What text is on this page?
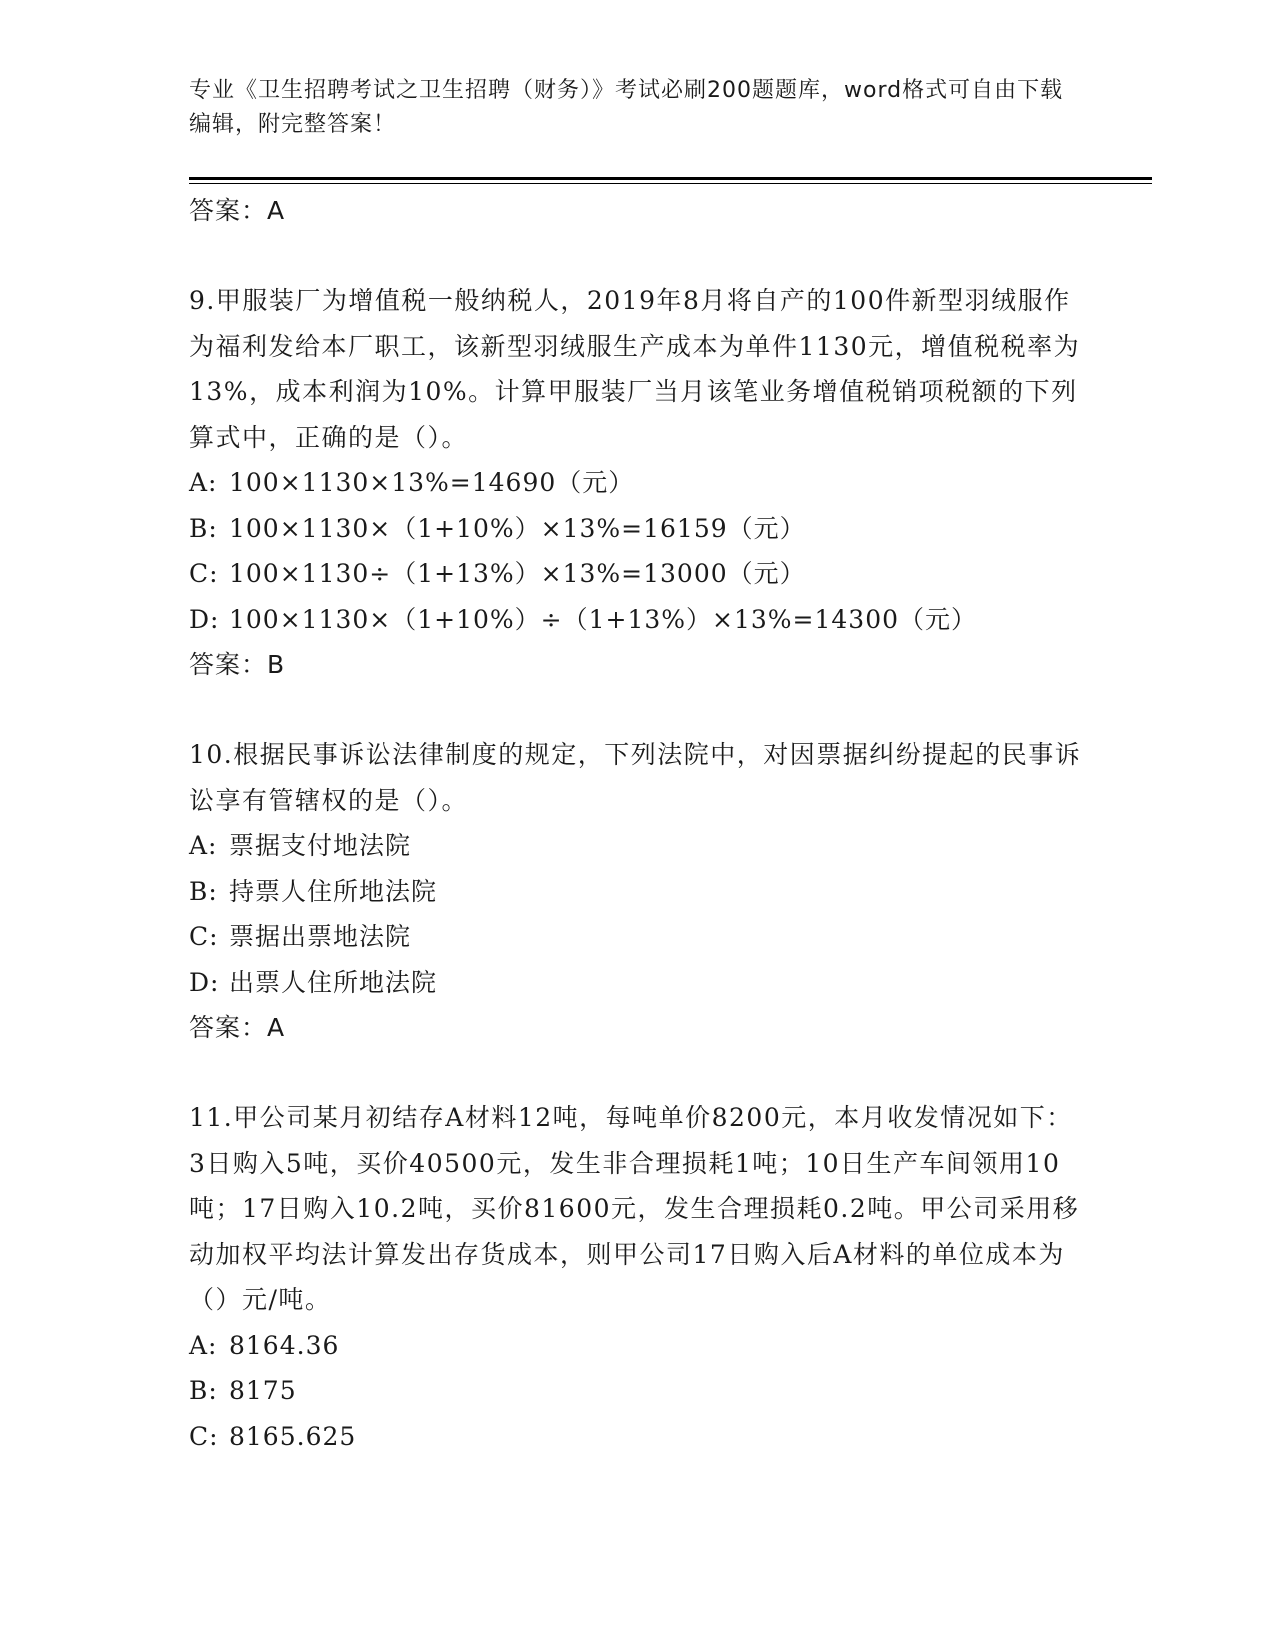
专业《卫生招聘考试之卫生招聘（财务）》考试必刷200题题库，word格式可自由下载编辑，附完整答案！
答案：A
9.甲服装厂为增值税一般纳税人，2019年8月将自产的100件新型羽绒服作为福利发给本厂职工，该新型羽绒服生产成本为单件1130元，增值税税率为13%，成本利润为10%。计算甲服装厂当月该笔业务增值税销项税额的下列算式中，正确的是（）。
A: 100×1130×13%=14690（元）
B: 100×1130×（1+10%）×13%=16159（元）
C: 100×1130÷（1+13%）×13%=13000（元）
D: 100×1130×（1+10%）÷（1+13%）×13%=14300（元）
答案：B
10.根据民事诉讼法律制度的规定，下列法院中，对因票据纠纷提起的民事诉讼享有管辖权的是（）。
A: 票据支付地法院
B: 持票人住所地法院
C: 票据出票地法院
D: 出票人住所地法院
答案：A
11.甲公司某月初结存A材料12吨，每吨单价8200元，本月收发情况如下：3日购入5吨，买价40500元，发生非合理损耗1吨；10日生产车间领用10吨；17日购入10.2吨，买价81600元，发生合理损耗0.2吨。甲公司采用移动加权平均法计算发出存货成本，则甲公司17日购入后A材料的单位成本为（）元/吨。
A: 8164.36
B: 8175
C: 8165.625
